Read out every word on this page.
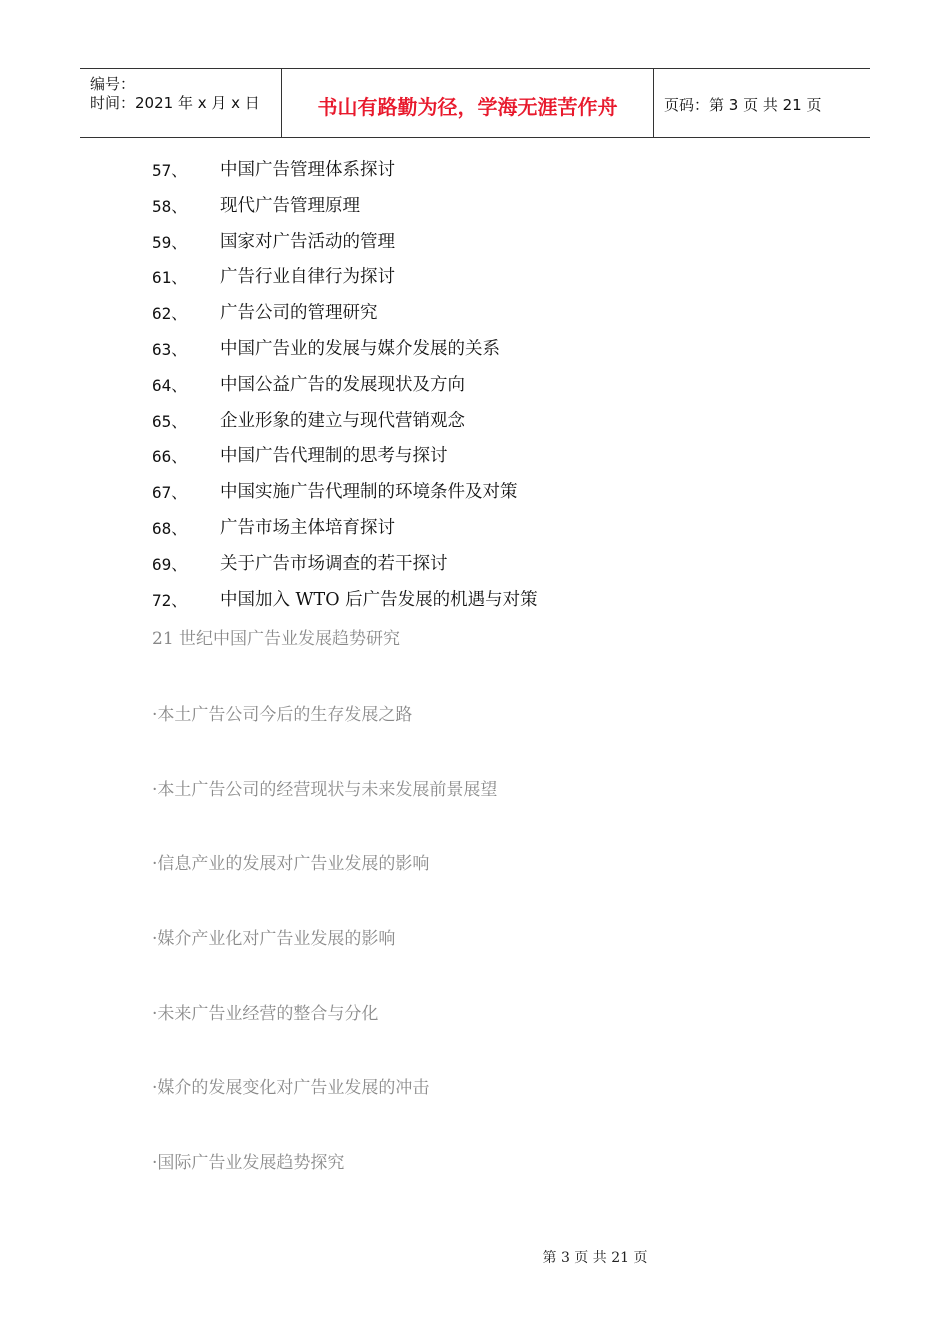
编号：
时间：2021 年 x 月 x 日	书山有路勤为径，学海无涯苦作舟	页码：第 3 页 共 21 页
57、	中国广告管理体系探讨
58、	现代广告管理原理
59、	国家对广告活动的管理
61、	广告行业自律行为探讨
62、	广告公司的管理研究
63、	中国广告业的发展与媒介发展的关系
64、	中国公益广告的发展现状及方向
65、	企业形象的建立与现代营销观念
66、	中国广告代理制的思考与探讨
67、	中国实施广告代理制的环境条件及对策
68、	广告市场主体培育探讨
69、	关于广告市场调查的若干探讨
72、	中国加入 WTO 后广告发展的机遇与对策
21 世纪中国广告业发展趋势研究
·本土广告公司今后的生存发展之路
·本土广告公司的经营现状与未来发展前景展望
·信息产业的发展对广告业发展的影响
·媒介产业化对广告业发展的影响
·未来广告业经营的整合与分化
·媒介的发展变化对广告业发展的冲击
·国际广告业发展趋势探究
第 3 页 共 21 页
